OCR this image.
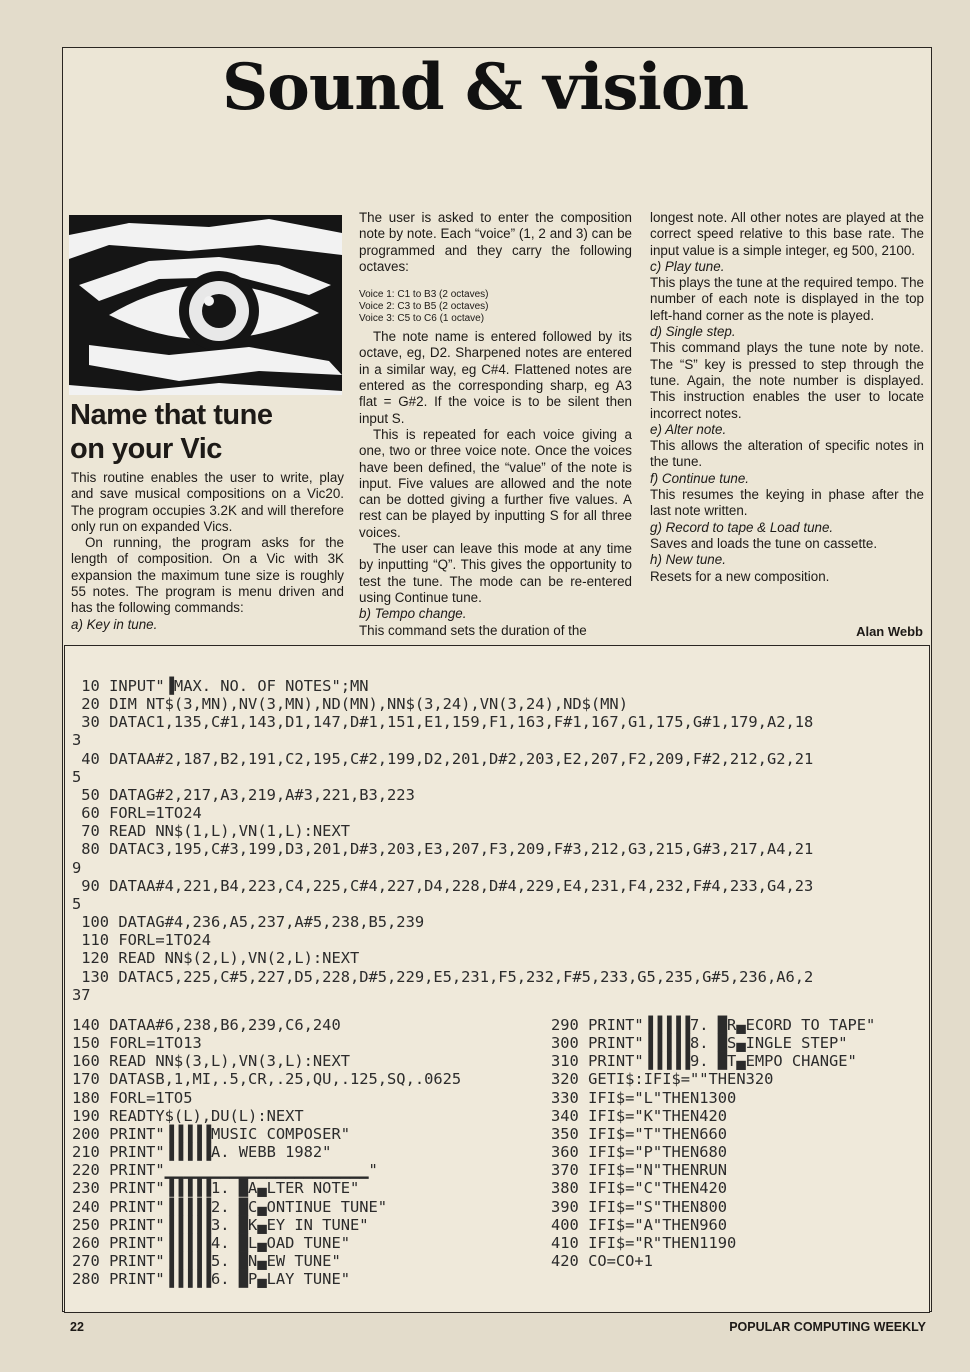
Sound & vision
Name that tune
on your Vic

This routine enables the user to write, play and save musical compositions on a Vic20. The program occupies 3.2K and will therefore only run on expanded Vics.

On running, the program asks for the length of composition. On a Vic with 3K expansion the maximum tune size is roughly 55 notes. The program is menu driven and has the following commands:

a) Key in tune.

The user is asked to enter the composition note by note. Each “voice” (1, 2 and 3) can be programmed and they carry the following octaves:

Voice 1: C1 to B3 (2 octaves)

Voice 2: C3 to B5 (2 octaves)

Voice 3: C5 to C6 (1 octave)

The note name is entered followed by its octave, eg, D2. Sharpened notes are entered in a similar way, eg C#4. Flattened notes are entered as the corresponding sharp, eg A3 flat = G#2. If the voice is to be silent then input S.

This is repeated for each voice giving a one, two or three voice note. Once the voices have been defined, the “value” of the note is input. Five values are allowed and the note can be dotted giving a further five values. A rest can be played by inputting S for all three voices.

The user can leave this mode at any time by inputting “Q”. This gives the opportunity to test the tune. The mode can be re-entered using Continue tune.

b) Tempo change.

This command sets the duration of the

longest note. All other notes are played at the correct speed relative to this base rate. The input value is a simple integer, eg 500, 2100.

c) Play tune.

This plays the tune at the required tempo. The number of each note is displayed in the top left-hand corner as the note is played.

d) Single step.

This command plays the tune note by note. The “S” key is pressed to step through the tune. Again, the note number is displayed. This instruction enables the user to locate incorrect notes.

e) Alter note.

This allows the alteration of specific notes in the tune.

f) Continue tune.

This resumes the keying in phase after the last note written.

g) Record to tape & Load tune.

Saves and loads the tune on cassette.

h) New tune.

Resets for a new composition.

Alan Webb
10 INPUT"▐MAX. NO. OF NOTES";MN
20 DIM NT$(3,MN),NV(3,MN),ND(MN),NN$(3,24),VN(3,24),ND$(MN)
30 DATAC1,135,C#1,143,D1,147,D#1,151,E1,159,F1,163,F#1,167,G1,175,G#1,179,A2,18
3
40 DATAA#2,187,B2,191,C2,195,C#2,199,D2,201,D#2,203,E2,207,F2,209,F#2,212,G2,21
5
50 DATAG#2,217,A3,219,A#3,221,B3,223
60 FORL=1TO24
70 READ NN$(1,L),VN(1,L):NEXT
80 DATAC3,195,C#3,199,D3,201,D#3,203,E3,207,F3,209,F#3,212,G3,215,G#3,217,A4,21
9
90 DATAA#4,221,B4,223,C4,225,C#4,227,D4,228,D#4,229,E4,231,F4,232,F#4,233,G4,23
5
100 DATAG#4,236,A5,237,A#5,238,B5,239
110 FORL=1TO24
120 READ NN$(2,L),VN(2,L):NEXT
130 DATAC5,225,C#5,227,D5,228,D#5,229,E5,231,F5,232,F#5,233,G5,235,G#5,236,A6,2
37
140 DATAA#6,238,B6,239,C6,240
150 FORL=1TO13
160 READ NN$(3,L),VN(3,L):NEXT
170 DATASB,1,MI,.5,CR,.25,QU,.125,SQ,.0625
180 FORL=1TO5
190 READTY$(L),DU(L):NEXT
200 PRINT"▐▐▐▐▐MUSIC COMPOSER"
210 PRINT"▐▐▐▐▐A. WEBB 1982"
220 PRINT"▁▁▁▁▁▁▁▁▁▁▁▁▁▁▁▁▁▁▁▁▁▁"
230 PRINT"▐▐▐▐▐1. █A▄LTER NOTE"
240 PRINT"▐▐▐▐▐2. █C▄ONTINUE TUNE"
250 PRINT"▐▐▐▐▐3. █K▄EY IN TUNE"
260 PRINT"▐▐▐▐▐4. █L▄OAD TUNE"
270 PRINT"▐▐▐▐▐5. █N▄EW TUNE"
280 PRINT"▐▐▐▐▐6. █P▄LAY TUNE"
290 PRINT"▐▐▐▐▐7. █R▄ECORD TO TAPE"
300 PRINT"▐▐▐▐▐8. █S▄INGLE STEP"
310 PRINT"▐▐▐▐▐9. █T▄EMPO CHANGE"
320 GETI$:IFI$=""THEN320
330 IFI$="L"THEN1300
340 IFI$="K"THEN420
350 IFI$="T"THEN660
360 IFI$="P"THEN680
370 IFI$="N"THENRUN
380 IFI$="C"THEN420
390 IFI$="S"THEN800
400 IFI$="A"THEN960
410 IFI$="R"THEN1190
420 CO=CO+1
22	POPULAR COMPUTING WEEKLY
